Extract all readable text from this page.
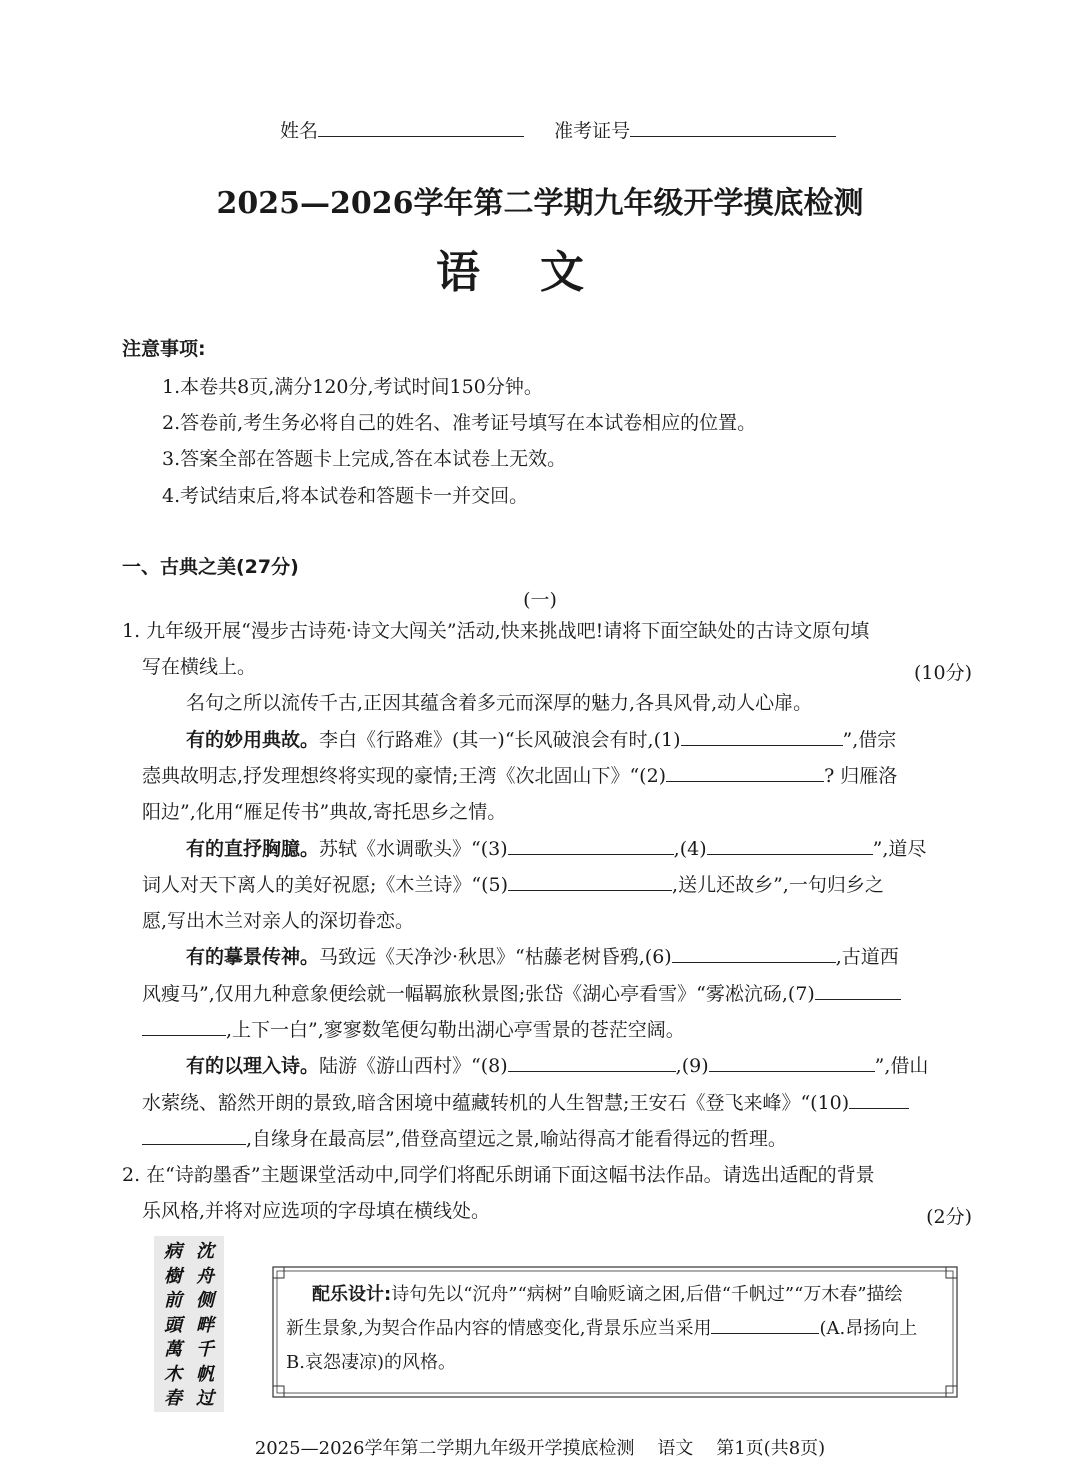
姓名	准考证号
2025—2026学年第二学期九年级开学摸底检测
语文
注意事项:
1.本卷共8页,满分120分,考试时间150分钟。
2.答卷前,考生务必将自己的姓名、准考证号填写在本试卷相应的位置。
3.答案全部在答题卡上完成,答在本试卷上无效。
4.考试结束后,将本试卷和答题卡一并交回。
一、古典之美(27分)
(一)
1. 九年级开展“漫步古诗苑·诗文大闯关”活动,快来挑战吧!请将下面空缺处的古诗文原句填
写在横线上。	(10分)
名句之所以流传千古,正因其蕴含着多元而深厚的魅力,各具风骨,动人心扉。
有的妙用典故。李白《行路难》(其一)“长风破浪会有时,(1)	”,借宗
悫典故明志,抒发理想终将实现的豪情;王湾《次北固山下》“(2)	? 归雁洛
阳边”,化用“雁足传书”典故,寄托思乡之情。
有的直抒胸臆。苏轼《水调歌头》“(3)	,(4)	”,道尽
词人对天下离人的美好祝愿;《木兰诗》“(5)	,送儿还故乡”,一句归乡之
愿,写出木兰对亲人的深切眷恋。
有的摹景传神。马致远《天净沙·秋思》“枯藤老树昏鸦,(6)	,古道西
风瘦马”,仅用九种意象便绘就一幅羁旅秋景图;张岱《湖心亭看雪》“雾凇沆砀,(7)
,上下一白”,寥寥数笔便勾勒出湖心亭雪景的苍茫空阔。
有的以理入诗。陆游《游山西村》“(8)	,(9)	”,借山
水萦绕、豁然开朗的景致,暗含困境中蕴藏转机的人生智慧;王安石《登飞来峰》“(10)
,自缘身在最高层”,借登高望远之景,喻站得高才能看得远的哲理。
2. 在“诗韵墨香”主题课堂活动中,同学们将配乐朗诵下面这幅书法作品。请选出适配的背景
乐风格,并将对应选项的字母填在横线处。	(2分)
沈
舟
侧
畔
千
帆
过
病
樹
前
頭
萬
木
春
配乐设计:诗句先以“沉舟”“病树”自喻贬谪之困,后借“千帆过”“万木春”描绘
新生景象,为契合作品内容的情感变化,背景乐应当采用	(A.昂扬向上
B.哀怨凄凉)的风格。
2025—2026学年第二学期九年级开学摸底检测    语文    第1页(共8页)
